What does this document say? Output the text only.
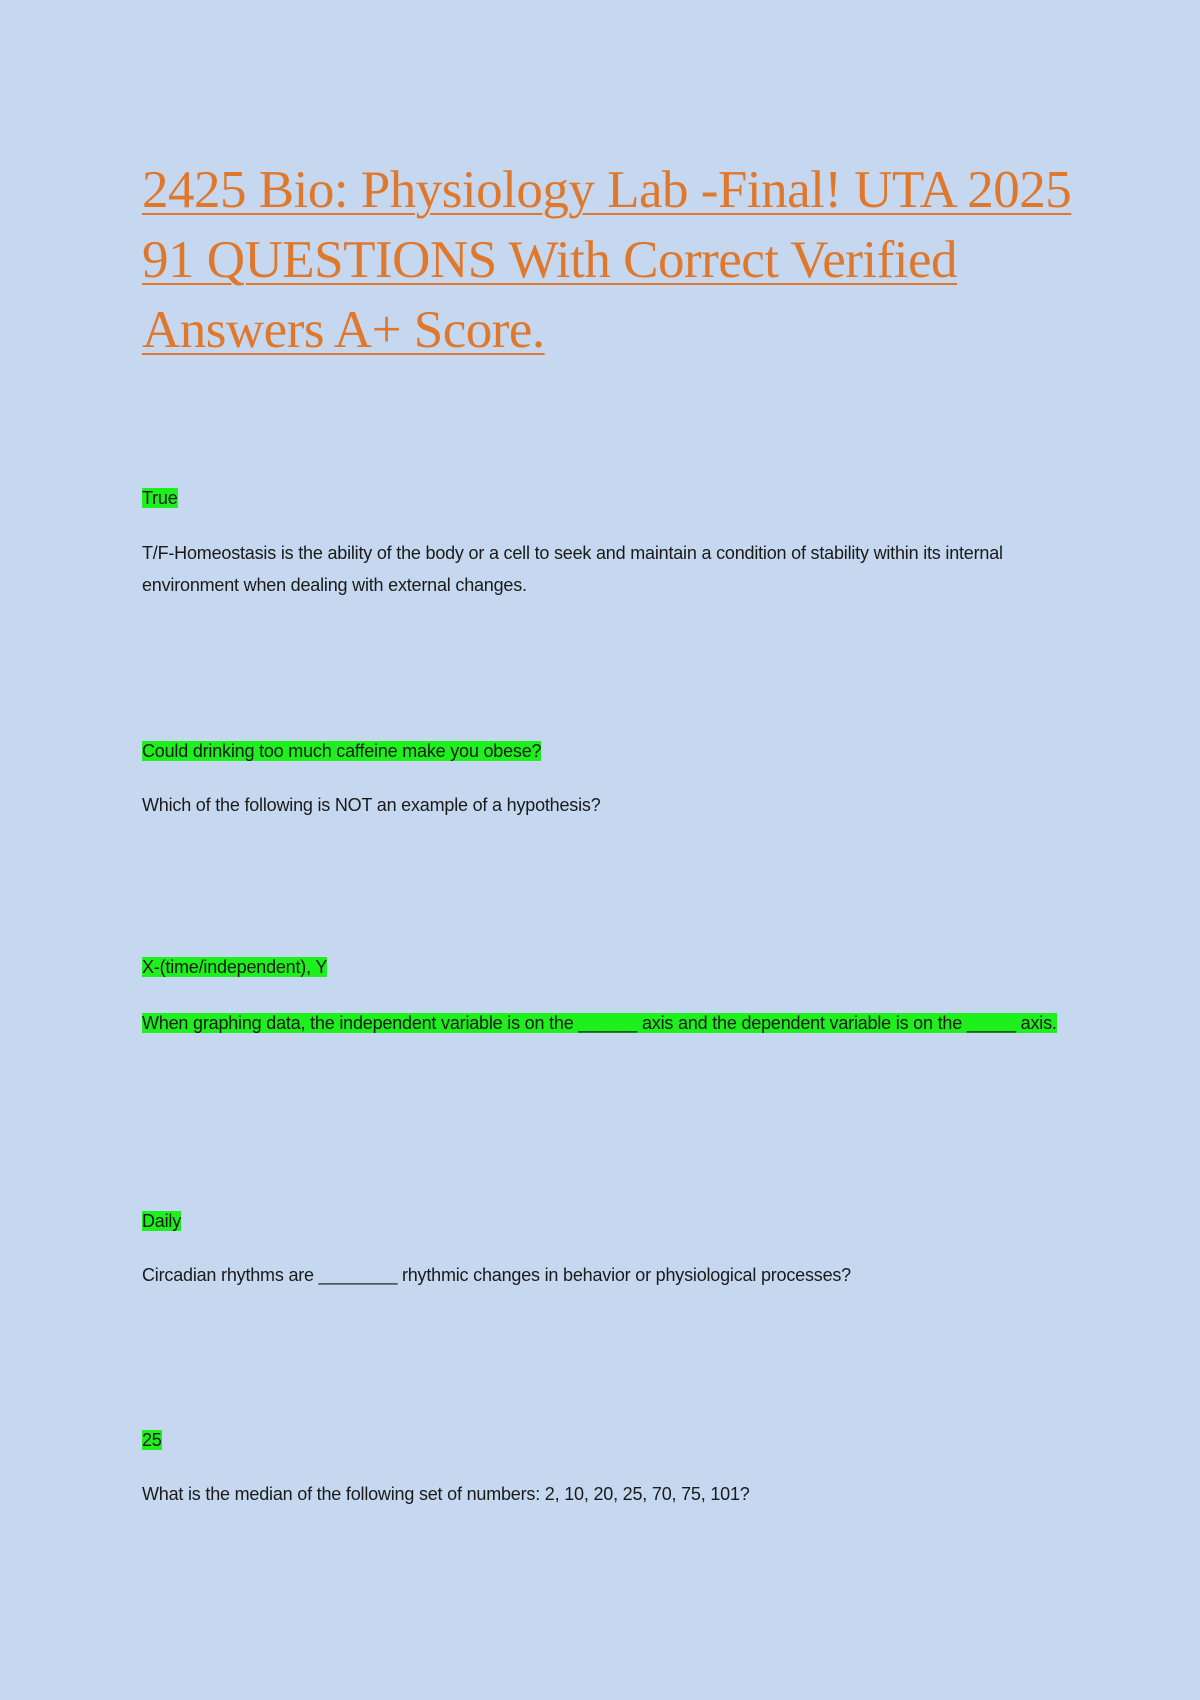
2425 Bio: Physiology Lab -Final! UTA 2025 91 QUESTIONS With Correct Verified Answers A+ Score.

True

T/F-Homeostasis is the ability of the body or a cell to seek and maintain a condition of stability within its internal environment when dealing with external changes.

Could drinking too much caffeine make you obese?

Which of the following is NOT an example of a hypothesis?

X-(time/independent), Y

When graphing data, the independent variable is on the ______ axis and the dependent variable is on the _____ axis.

Daily

Circadian rhythms are ________ rhythmic changes in behavior or physiological processes?

25

What is the median of the following set of numbers: 2, 10, 20, 25, 70, 75, 101?
